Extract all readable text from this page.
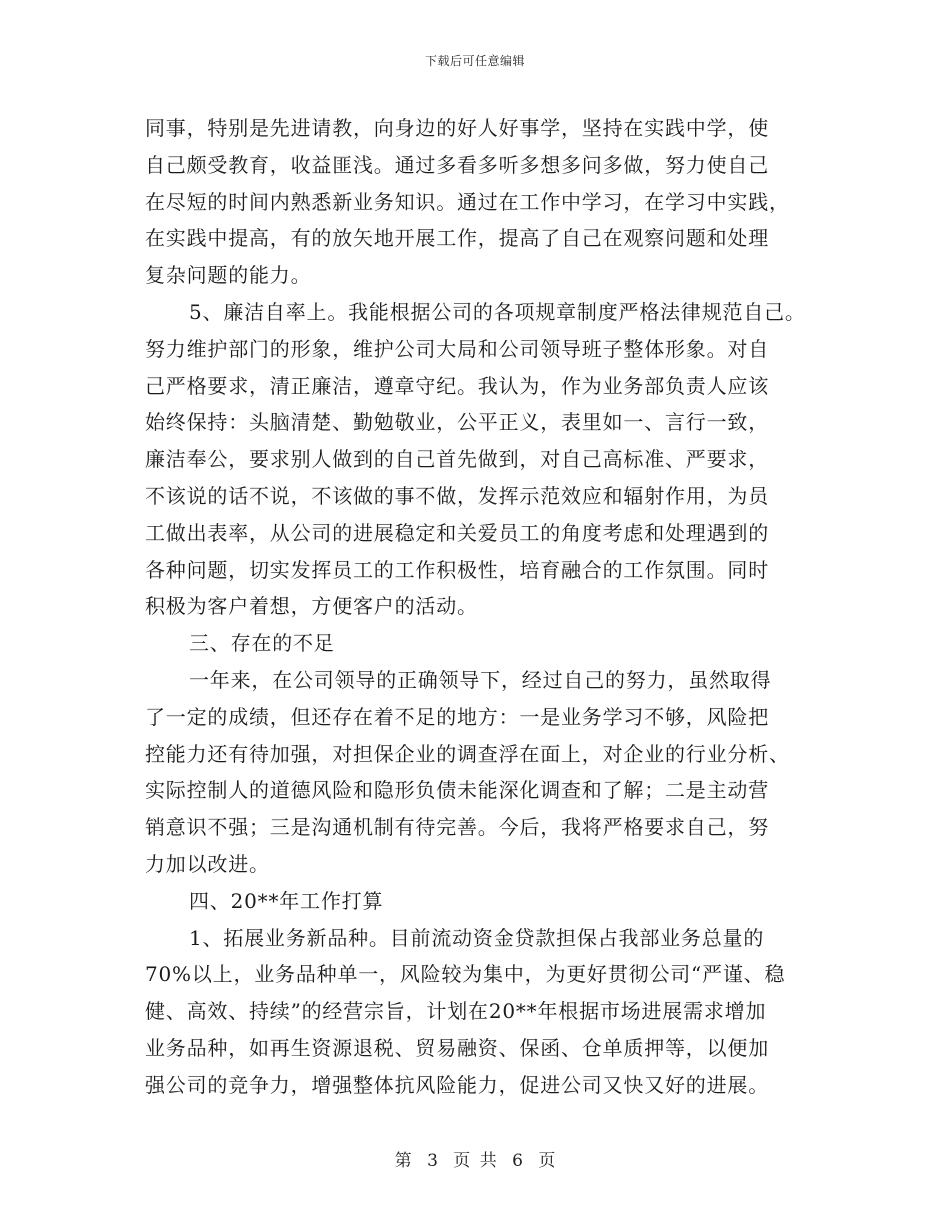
下载后可任意编辑
同事，特别是先进请教，向身边的好人好事学，坚持在实践中学，使
自己颇受教育，收益匪浅。通过多看多听多想多问多做，努力使自己
在尽短的时间内熟悉新业务知识。通过在工作中学习，在学习中实践，
在实践中提高，有的放矢地开展工作，提高了自己在观察问题和处理
复杂问题的能力。
5、廉洁自率上。我能根据公司的各项规章制度严格法律规范自己。
努力维护部门的形象，维护公司大局和公司领导班子整体形象。对自
己严格要求，清正廉洁，遵章守纪。我认为，作为业务部负责人应该
始终保持：头脑清楚、勤勉敬业，公平正义，表里如一、言行一致，
廉洁奉公，要求别人做到的自己首先做到，对自己高标准、严要求，
不该说的话不说，不该做的事不做，发挥示范效应和辐射作用，为员
工做出表率，从公司的进展稳定和关爱员工的角度考虑和处理遇到的
各种问题，切实发挥员工的工作积极性，培育融合的工作氛围。同时
积极为客户着想，方便客户的活动。
三、存在的不足
一年来，在公司领导的正确领导下，经过自己的努力，虽然取得
了一定的成绩，但还存在着不足的地方：一是业务学习不够，风险把
控能力还有待加强，对担保企业的调查浮在面上，对企业的行业分析、
实际控制人的道德风险和隐形负债未能深化调查和了解；二是主动营
销意识不强；三是沟通机制有待完善。今后，我将严格要求自己，努
力加以改进。
四、20**年工作打算
1、拓展业务新品种。目前流动资金贷款担保占我部业务总量的
70%以上，业务品种单一，风险较为集中，为更好贯彻公司“严谨、稳
健、高效、持续”的经营宗旨，计划在20**年根据市场进展需求增加
业务品种，如再生资源退税、贸易融资、保函、仓单质押等，以便加
强公司的竞争力，增强整体抗风险能力，促进公司又快又好的进展。
第 3 页 共 6 页
